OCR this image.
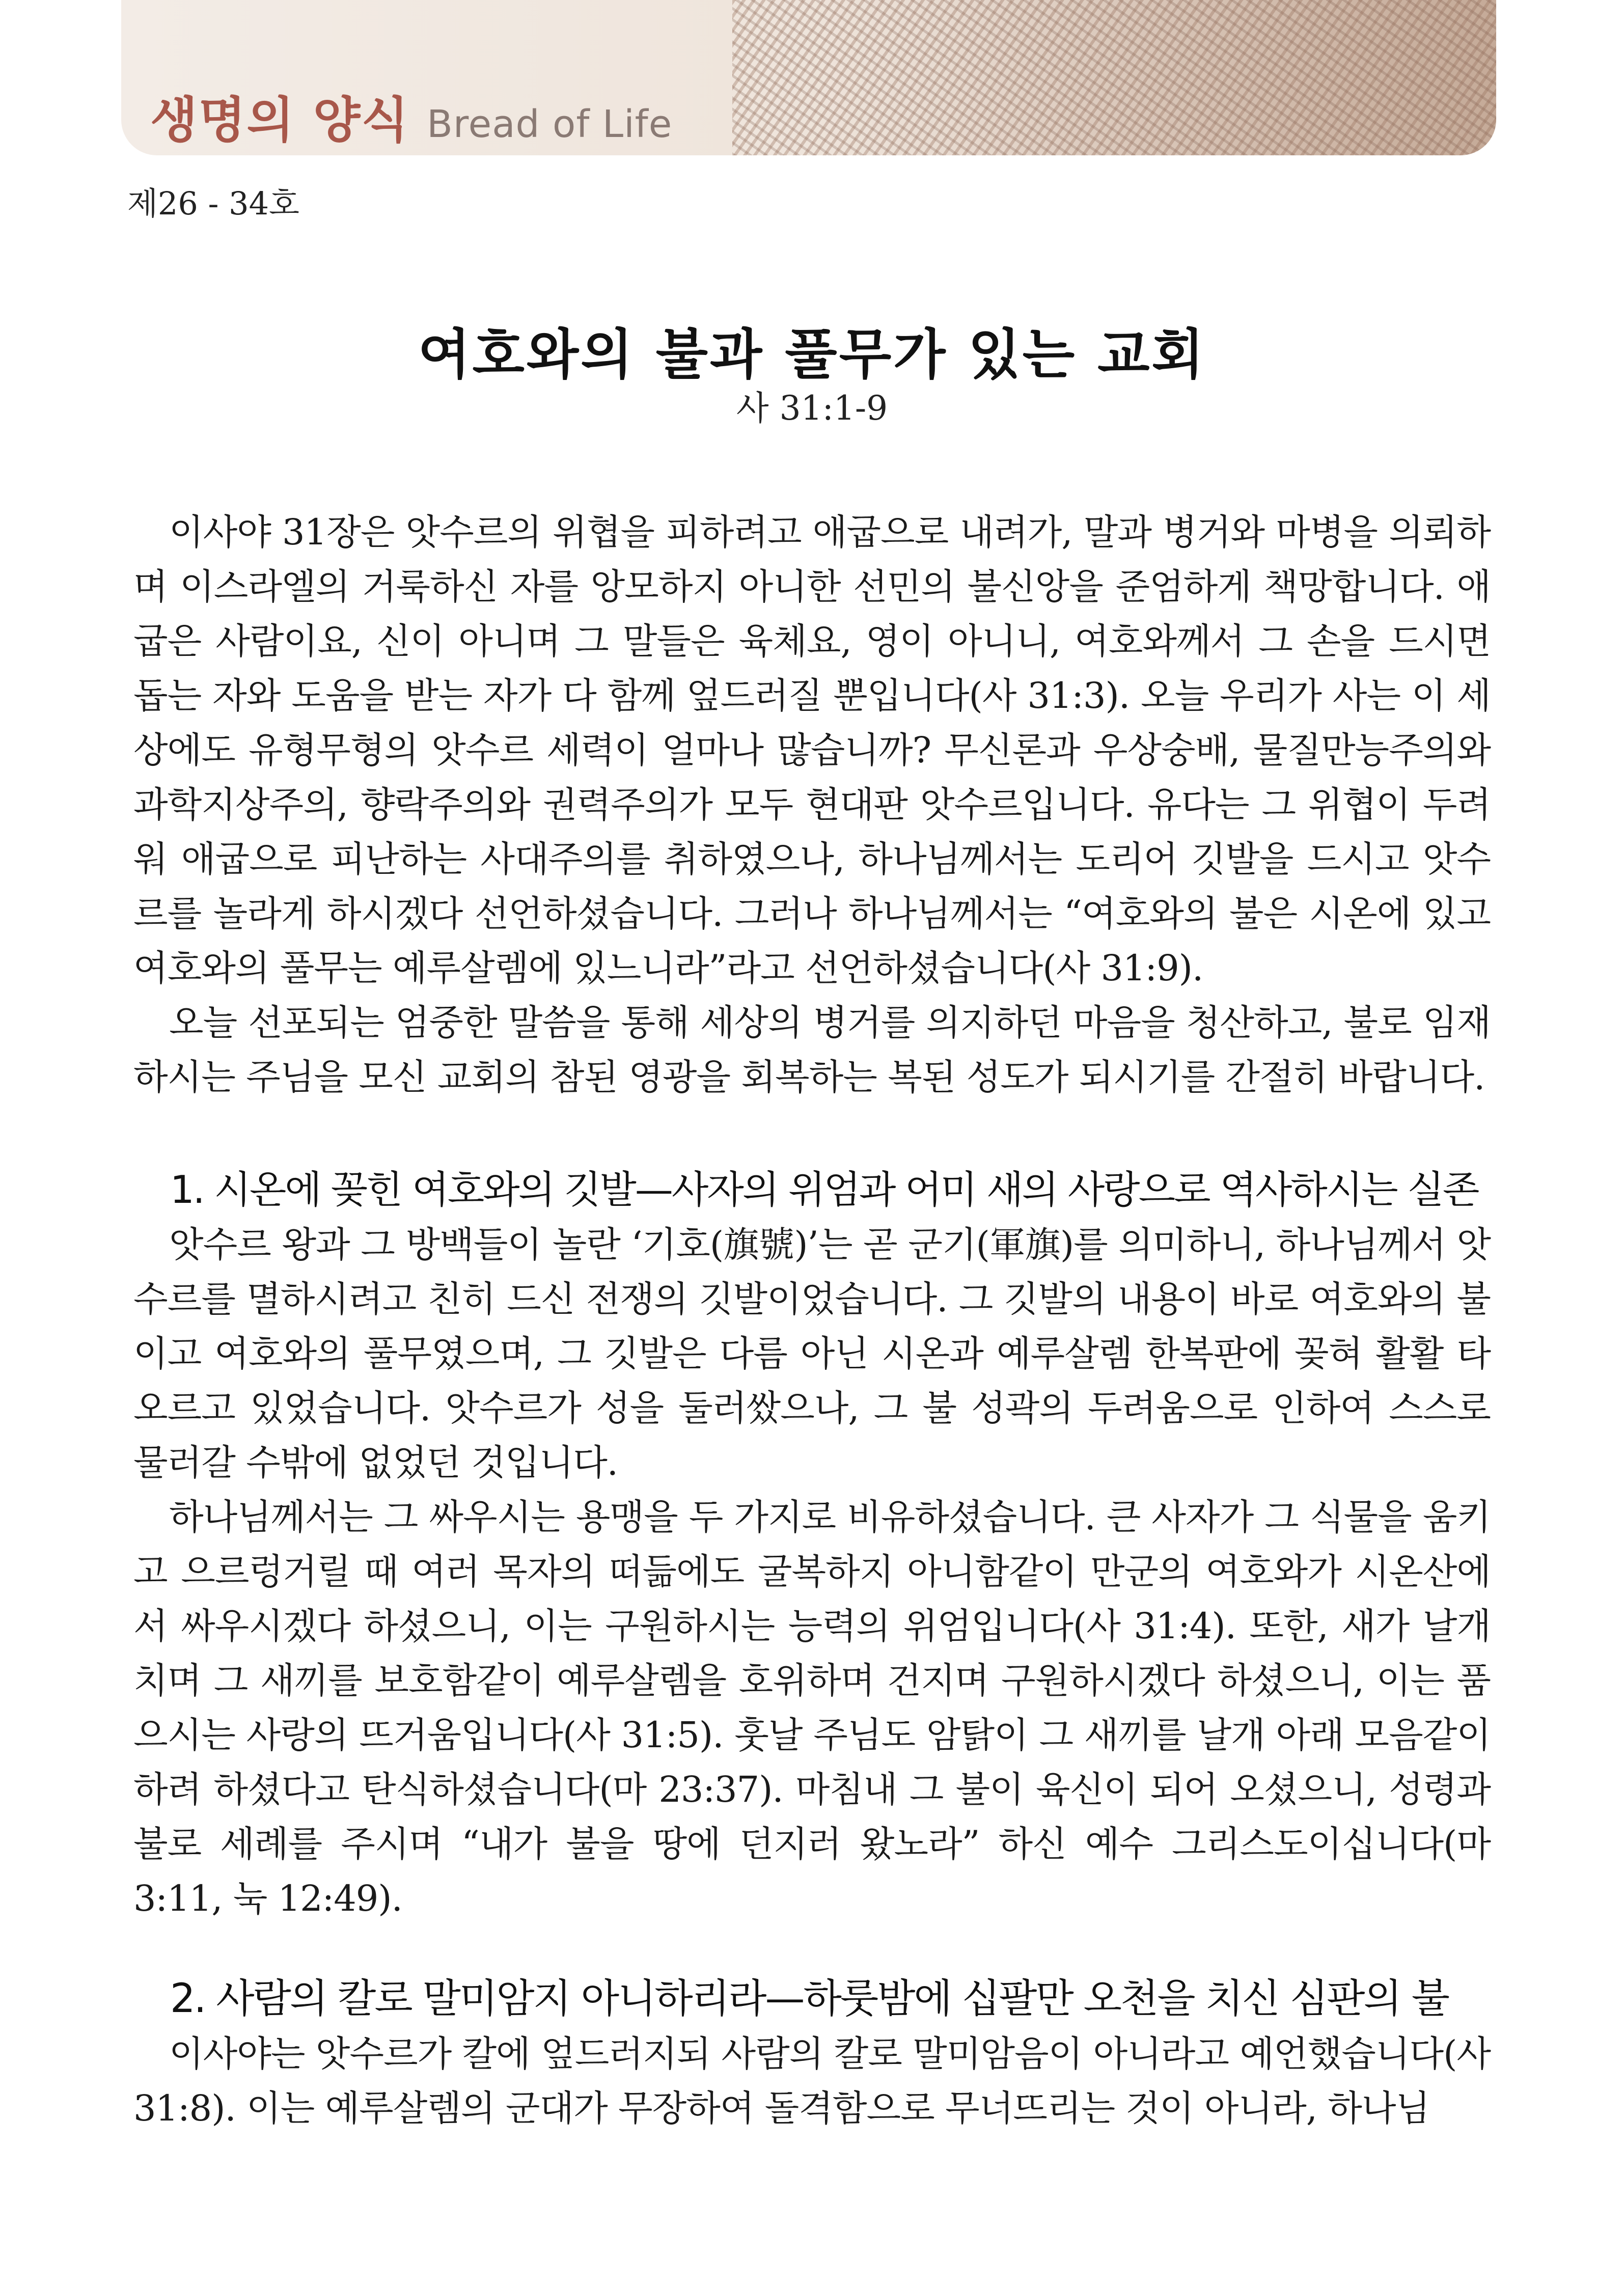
생명의 양식 Bread of Life
제26 - 34호
여호와의 불과 풀무가 있는 교회
사 31:1-9

이사야 31장은 앗수르의 위협을 피하려고 애굽으로 내려가, 말과 병거와 마병을 의뢰하며 이스라엘의 거룩하신 자를 앙모하지 아니한 선민의 불신앙을 준엄하게 책망합니다. 애굽은 사람이요, 신이 아니며 그 말들은 육체요, 영이 아니니, 여호와께서 그 손을 드시면 돕는 자와 도움을 받는 자가 다 함께 엎드러질 뿐입니다(사 31:3). 오늘 우리가 사는 이 세상에도 유형무형의 앗수르 세력이 얼마나 많습니까? 무신론과 우상숭배, 물질만능주의와 과학지상주의, 향락주의와 권력주의가 모두 현대판 앗수르입니다. 유다는 그 위협이 두려워 애굽으로 피난하는 사대주의를 취하였으나, 하나님께서는 도리어 깃발을 드시고 앗수르를 놀라게 하시겠다 선언하셨습니다. 그러나 하나님께서는 “여호와의 불은 시온에 있고 여호와의 풀무는 예루살렘에 있느니라”라고 선언하셨습니다(사 31:9).

오늘 선포되는 엄중한 말씀을 통해 세상의 병거를 의지하던 마음을 청산하고, 불로 임재하시는 주님을 모신 교회의 참된 영광을 회복하는 복된 성도가 되시기를 간절히 바랍니다.

1. 시온에 꽂힌 여호와의 깃발—사자의 위엄과 어미 새의 사랑으로 역사하시는 실존

앗수르 왕과 그 방백들이 놀란 ‘기호(旗號)’는 곧 군기(軍旗)를 의미하니, 하나님께서 앗수르를 멸하시려고 친히 드신 전쟁의 깃발이었습니다. 그 깃발의 내용이 바로 여호와의 불이고 여호와의 풀무였으며, 그 깃발은 다름 아닌 시온과 예루살렘 한복판에 꽂혀 활활 타오르고 있었습니다. 앗수르가 성을 둘러쌌으나, 그 불 성곽의 두려움으로 인하여 스스로 물러갈 수밖에 없었던 것입니다.

하나님께서는 그 싸우시는 용맹을 두 가지로 비유하셨습니다. 큰 사자가 그 식물을 움키고 으르렁거릴 때 여러 목자의 떠듦에도 굴복하지 아니함같이 만군의 여호와가 시온산에서 싸우시겠다 하셨으니, 이는 구원하시는 능력의 위엄입니다(사 31:4). 또한, 새가 날개 치며 그 새끼를 보호함같이 예루살렘을 호위하며 건지며 구원하시겠다 하셨으니, 이는 품으시는 사랑의 뜨거움입니다(사 31:5). 훗날 주님도 암탉이 그 새끼를 날개 아래 모음같이 하려 하셨다고 탄식하셨습니다(마 23:37). 마침내 그 불이 육신이 되어 오셨으니, 성령과 불로 세례를 주시며 “내가 불을 땅에 던지러 왔노라” 하신 예수 그리스도이십니다(마 3:11, 눅 12:49).

2. 사람의 칼로 말미암지 아니하리라—하룻밤에 십팔만 오천을 치신 심판의 불

이사야는 앗수르가 칼에 엎드러지되 사람의 칼로 말미암음이 아니라고 예언했습니다(사 31:8). 이는 예루살렘의 군대가 무장하여 돌격함으로 무너뜨리는 것이 아니라, 하나님
